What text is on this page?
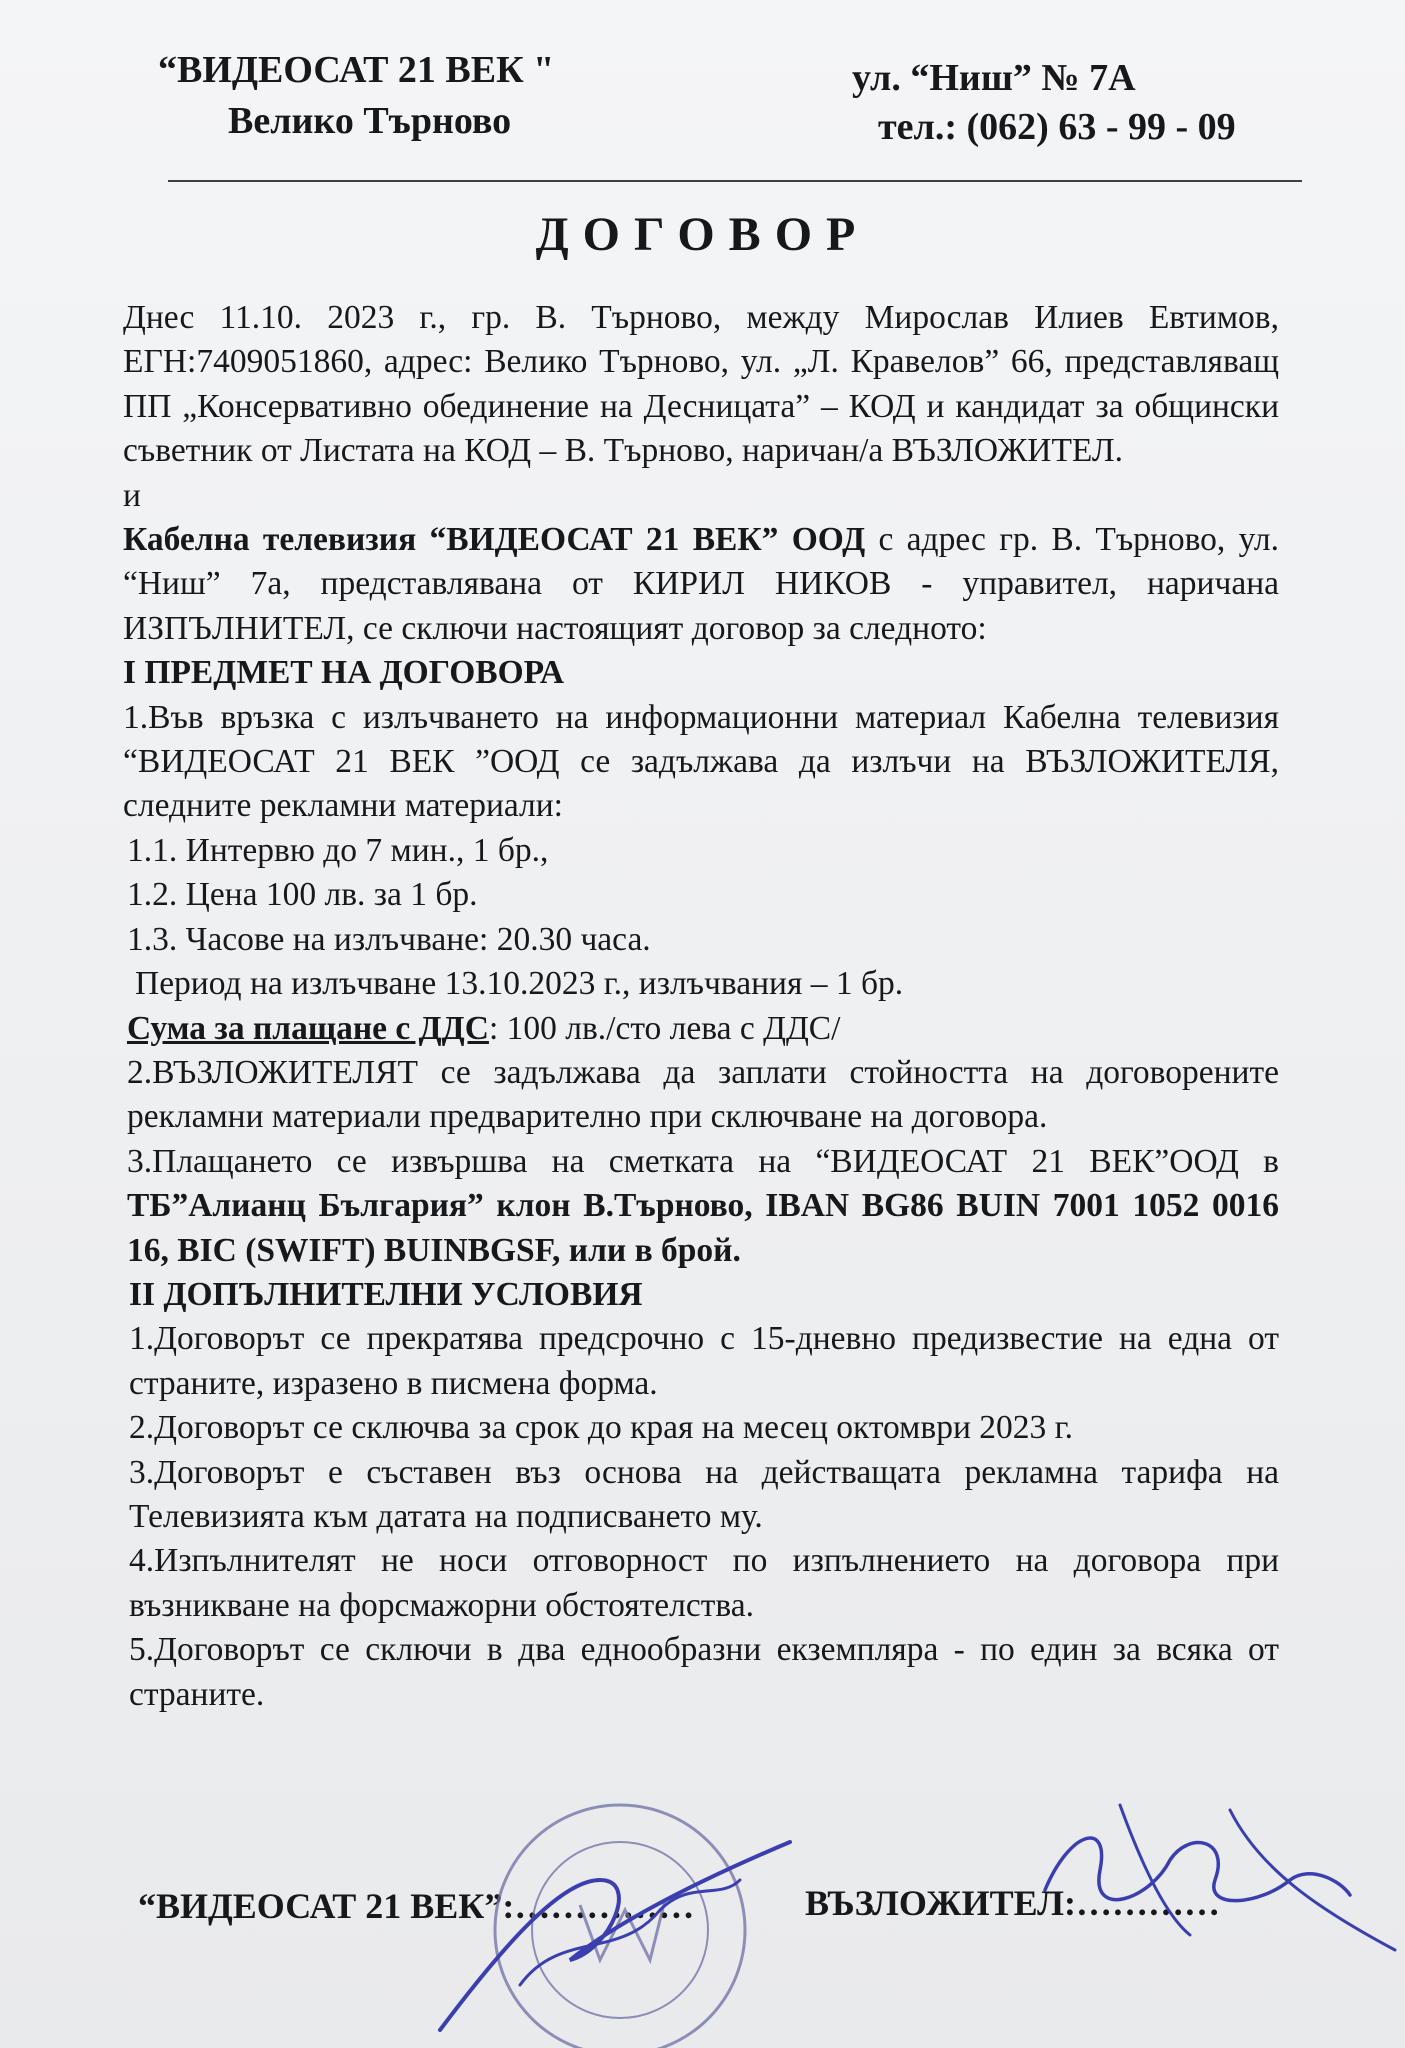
“ВИДЕОСАТ 21 ВЕК "
Велико Търново
ул. “Ниш” № 7А
тел.: (062) 63 - 99 - 09
ДОГОВОР
Днес 11.10. 2023 г., гр. В. Търново, между Мирослав Илиев Евтимов, ЕГН:7409051860, адрес: Велико Търново, ул. „Л. Кравелов” 66, представляващ ПП „Консервативно обединение на Десницата” – КОД и кандидат за общински съветник от Листата на КОД – В. Търново, наричан/а ВЪЗЛОЖИТЕЛ.
и
Кабелна телевизия “ВИДЕОСАТ 21 ВЕК” ООД с адрес гр. В. Търново, ул. “Ниш” 7а, представлявана от КИРИЛ НИКОВ - управител, наричана ИЗПЪЛНИТЕЛ, се сключи настоящият договор за следното:
I ПРЕДМЕТ НА ДОГОВОРА
1.Във връзка с излъчването на информационни материал Кабелна телевизия “ВИДЕОСАТ 21 ВЕК ”ООД се задължава да излъчи на ВЪЗЛОЖИТЕЛЯ, следните рекламни материали:
1.1. Интервю до 7 мин., 1 бр.,
1.2. Цена 100 лв. за 1 бр.
1.3. Часове на излъчване: 20.30 часа.
Период на излъчване 13.10.2023 г., излъчвания – 1 бр.
Сума за плащане с ДДС: 100 лв./сто лева с ДДС/
2.ВЪЗЛОЖИТЕЛЯТ се задължава да заплати стойността на договорените рекламни материали предварително при сключване на договора.
3.Плащането се извършва на сметката на “ВИДЕОСАТ 21 ВЕК”ООД в ТБ”Алианц България” клон В.Търново, IBAN BG86 BUIN 7001 1052 0016 16, BIC (SWIFT) BUINBGSF, или в брой.
II ДОПЪЛНИТЕЛНИ УСЛОВИЯ
1.Договорът се прекратява предсрочно с 15-дневно предизвестие на една от страните, изразено в писмена форма.
2.Договорът се сключва за срок до края на месец октомври 2023 г.
3.Договорът е съставен въз основа на действащата рекламна тарифа на Телевизията към датата на подписването му.
4.Изпълнителят не носи отговорност по изпълнението на договора при възникване на форсмажорни обстоятелства.
5.Договорът се сключи в два еднообразни екземпляра - по един за всяка от страните.
“ВИДЕОСАТ 21 ВЕК”:……………	ВЪЗЛОЖИТЕЛ:…………
